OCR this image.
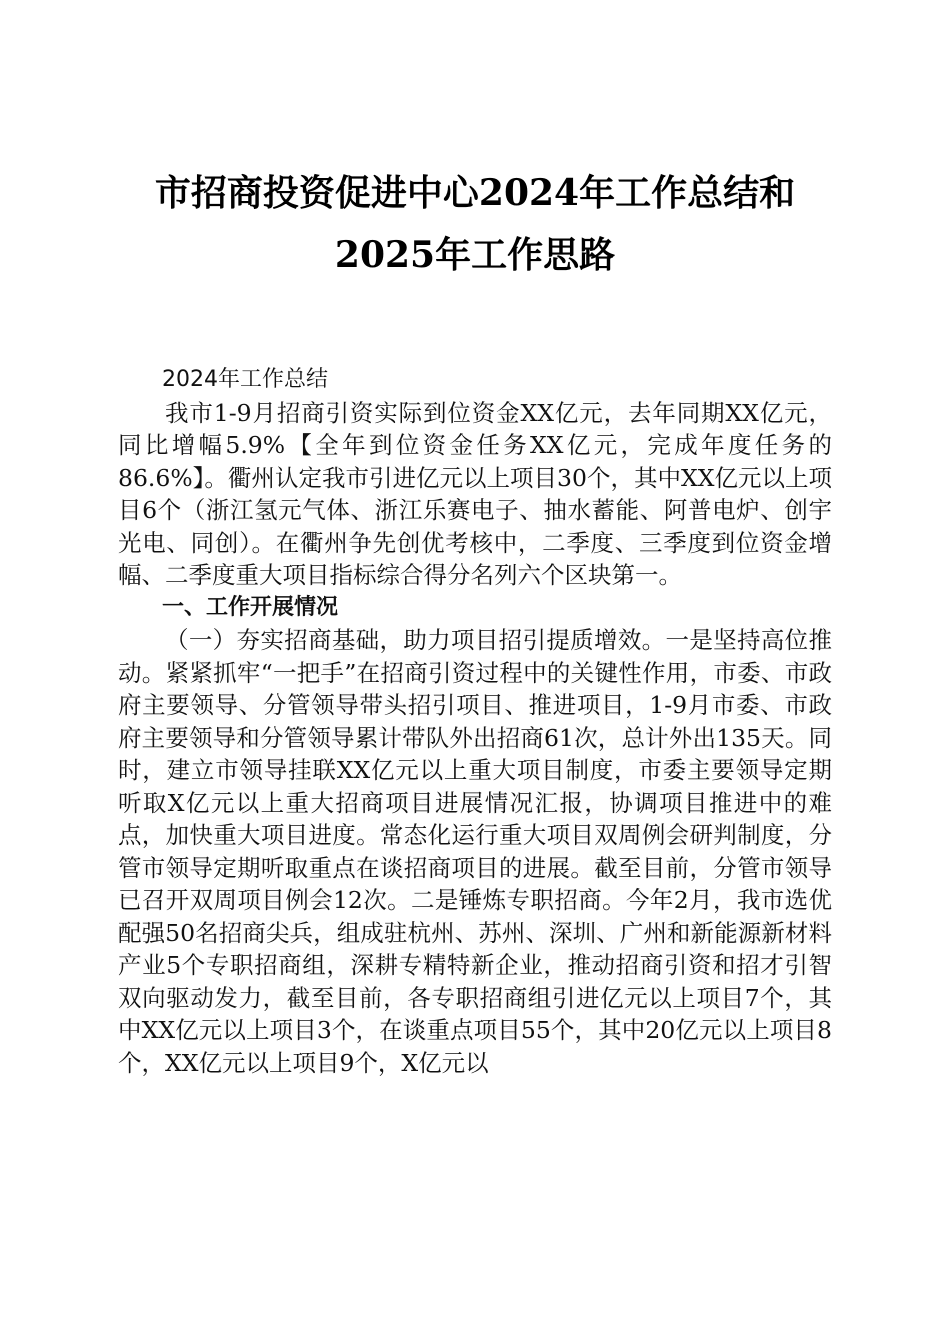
市招商投资促进中心2024年工作总结和2025年工作思路

2024年工作总结

我市1-9月招商引资实际到位资金XX亿元，去年同期XX亿元，同比增幅5.9%【全年到位资金任务XX亿元，完成年度任务的86.6%】。衢州认定我市引进亿元以上项目30个，其中XX亿元以上项目6个（浙江氢元气体、浙江乐赛电子、抽水蓄能、阿普电炉、创宇光电、同创）。在衢州争先创优考核中，二季度、三季度到位资金增幅、二季度重大项目指标综合得分名列六个区块第一。

一、工作开展情况

（一）夯实招商基础，助力项目招引提质增效。一是坚持高位推动。紧紧抓牢“一把手”在招商引资过程中的关键性作用，市委、市政府主要领导、分管领导带头招引项目、推进项目，1-9月市委、市政府主要领导和分管领导累计带队外出招商61次，总计外出135天。同时，建立市领导挂联XX亿元以上重大项目制度，市委主要领导定期听取X亿元以上重大招商项目进展情况汇报，协调项目推进中的难点，加快重大项目进度。常态化运行重大项目双周例会研判制度，分管市领导定期听取重点在谈招商项目的进展。截至目前，分管市领导已召开双周项目例会12次。二是锤炼专职招商。今年2月，我市选优配强50名招商尖兵，组成驻杭州、苏州、深圳、广州和新能源新材料产业5个专职招商组，深耕专精特新企业，推动招商引资和招才引智双向驱动发力，截至目前，各专职招商组引进亿元以上项目7个，其中XX亿元以上项目3个，在谈重点项目55个，其中20亿元以上项目8个，XX亿元以上项目9个，X亿元以
